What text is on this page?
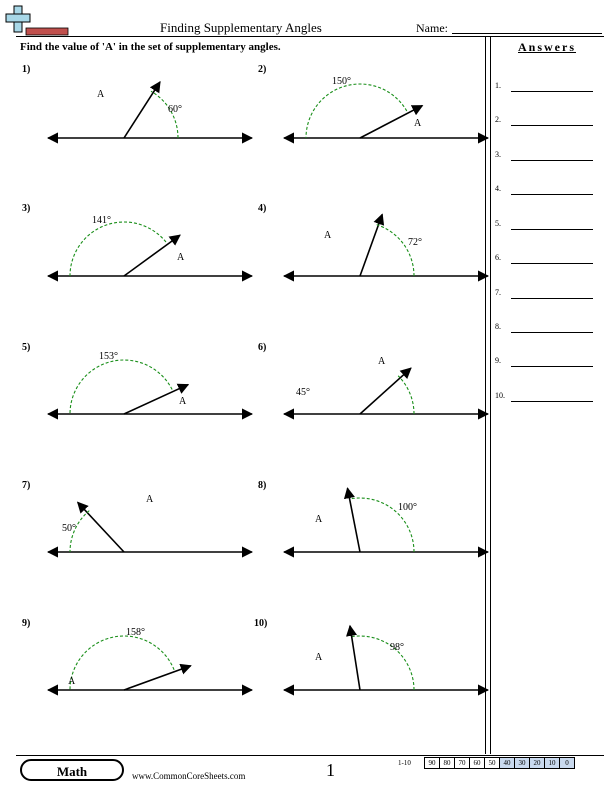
Finding Supplementary Angles	Name:
Find the value of 'A' in the set of supplementary angles.	Answers
1.
2.
3.
4.
5.
6.
7.
8.
9.
10.
1)	2)
3)	4)
5)	6)
7)	8)
9)	10)
60°
A
150°
A
141°
A
72°
A
153°
A
45°
A
50°
A
100°
A
158°
A
98°
A
Math	www.CommonCoreSheets.com	1	1-10	90	80	70	60	50	40	30	20	10	0
